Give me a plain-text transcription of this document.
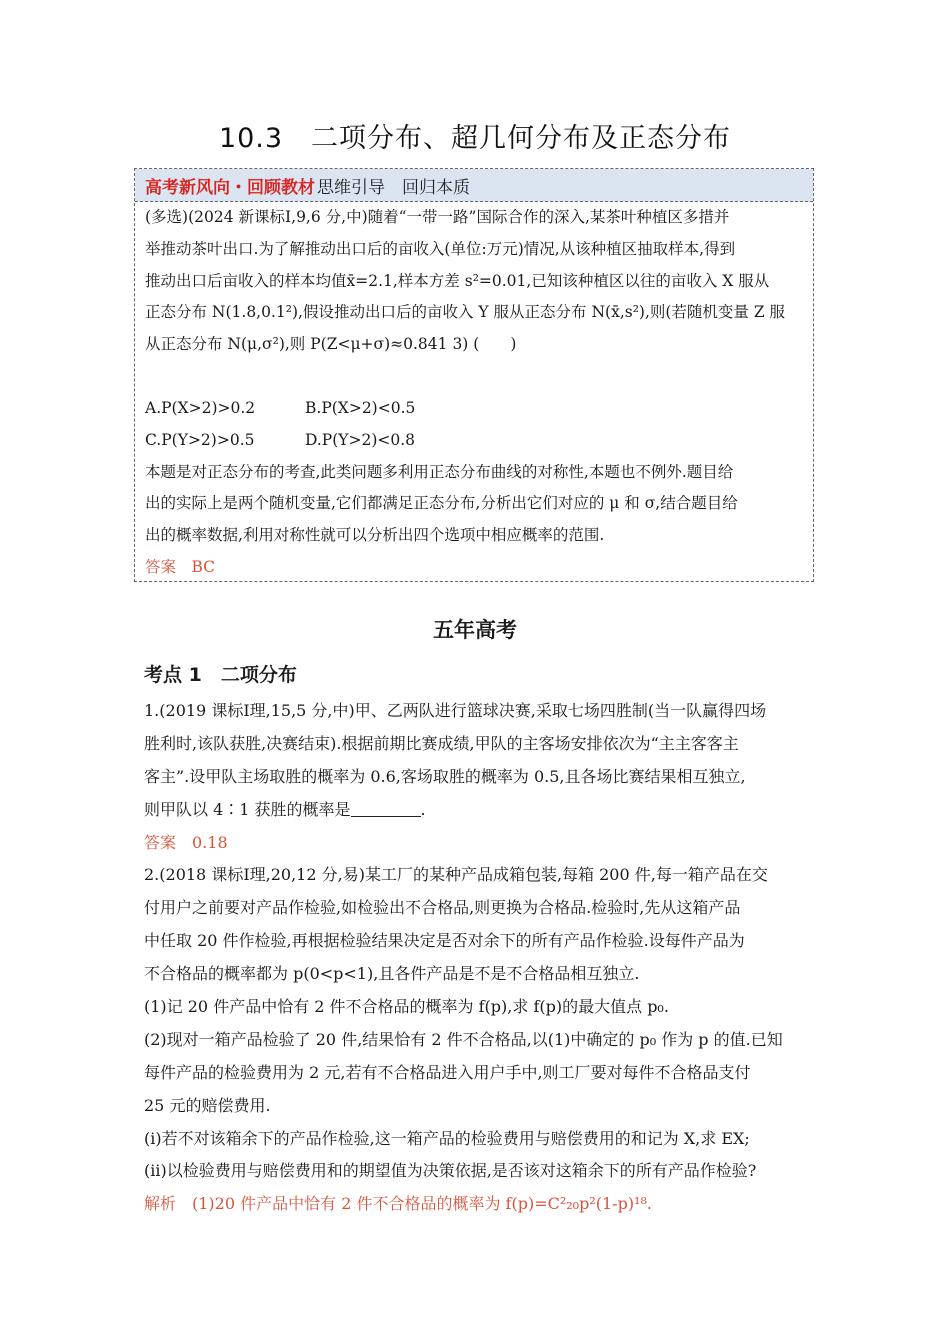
10.3　二项分布、超几何分布及正态分布
高考新风向・回顾教材 思维引导　回归本质
(多选)(2024 新课标Ⅰ,9,6 分,中)随着“一带一路”国际合作的深入,某茶叶种植区多措并
举推动茶叶出口.为了解推动出口后的亩收入(单位:万元)情况,从该种植区抽取样本,得到
推动出口后亩收入的样本均值x̄=2.1,样本方差 s²=0.01,已知该种植区以往的亩收入 X 服从
正态分布 N(1.8,0.1²),假设推动出口后的亩收入 Y 服从正态分布 N(x̄,s²),则(若随机变量 Z 服
从正态分布 N(μ,σ²),则 P(Z<μ+σ)≈0.841 3) (　　)
A.P(X>2)>0.2	B.P(X>2)<0.5
C.P(Y>2)>0.5	D.P(Y>2)<0.8
本题是对正态分布的考查,此类问题多利用正态分布曲线的对称性,本题也不例外.题目给
出的实际上是两个随机变量,它们都满足正态分布,分析出它们对应的 μ 和 σ,结合题目给
出的概率数据,利用对称性就可以分析出四个选项中相应概率的范围.
答案　BC
五年高考
考点 1　二项分布
1.(2019 课标Ⅰ理,15,5 分,中)甲、乙两队进行篮球决赛,采取七场四胜制(当一队赢得四场
胜利时,该队获胜,决赛结束).根据前期比赛成绩,甲队的主客场安排依次为“主主客客主
客主”.设甲队主场取胜的概率为 0.6,客场取胜的概率为 0.5,且各场比赛结果相互独立,
则甲队以 4∶1 获胜的概率是	.
答案　0.18
2.(2018 课标Ⅰ理,20,12 分,易)某工厂的某种产品成箱包装,每箱 200 件,每一箱产品在交
付用户之前要对产品作检验,如检验出不合格品,则更换为合格品.检验时,先从这箱产品
中任取 20 件作检验,再根据检验结果决定是否对余下的所有产品作检验.设每件产品为
不合格品的概率都为 p(0<p<1),且各件产品是不是不合格品相互独立.
(1)记 20 件产品中恰有 2 件不合格品的概率为 f(p),求 f(p)的最大值点 p₀.
(2)现对一箱产品检验了 20 件,结果恰有 2 件不合格品,以(1)中确定的 p₀ 作为 p 的值.已知
每件产品的检验费用为 2 元,若有不合格品进入用户手中,则工厂要对每件不合格品支付
25 元的赔偿费用.
(i)若不对该箱余下的产品作检验,这一箱产品的检验费用与赔偿费用的和记为 X,求 EX;
(ii)以检验费用与赔偿费用和的期望值为决策依据,是否该对这箱余下的所有产品作检验?
解析　(1)20 件产品中恰有 2 件不合格品的概率为 f(p)=C²₂₀p²(1-p)¹⁸.
